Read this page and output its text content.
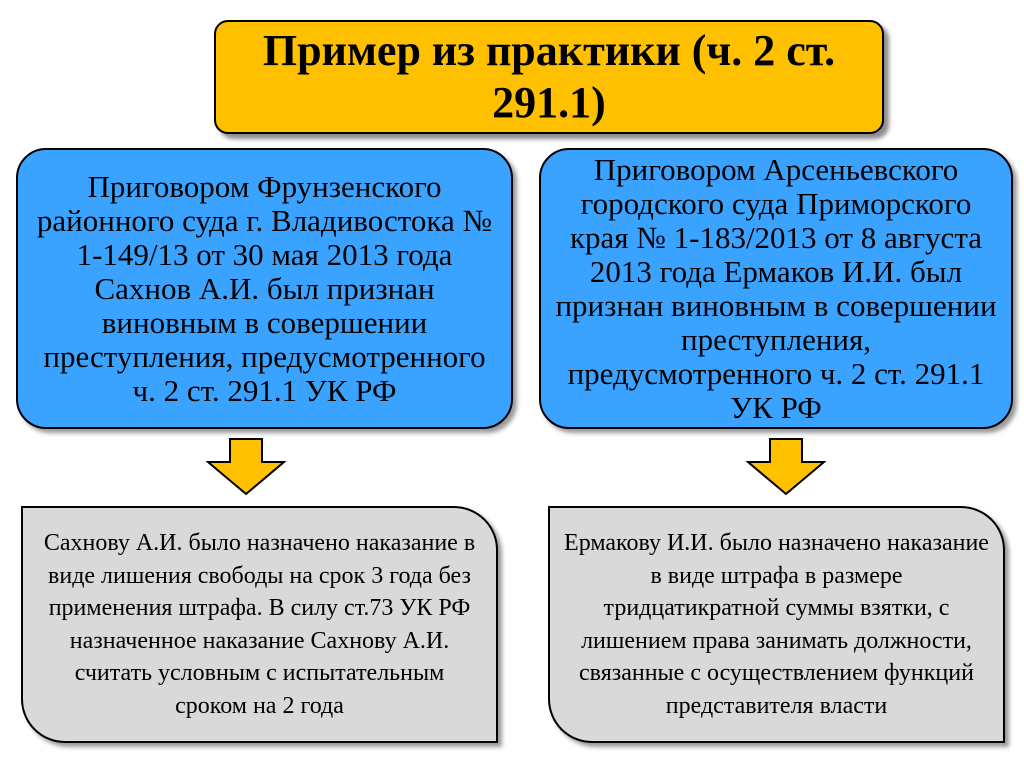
Пример из практики (ч. 2 ст. 291.1)
Приговором Фрунзенского районного суда г. Владивостока № 1-149/13 от 30 мая 2013 года Сахнов А.И. был признан виновным в совершении преступления, предусмотренного ч. 2 ст. 291.1 УК РФ
Приговором Арсеньевского городского суда Приморского края № 1-183/2013 от 8 августа 2013 года Ермаков И.И. был признан виновным в совершении преступления, предусмотренного ч. 2 ст. 291.1 УК РФ
Сахнову А.И. было назначено наказание в виде лишения свободы на срок 3 года без применения штрафа. В силу ст.73 УК РФ назначенное наказание Сахнову А.И. считать условным с испытательным сроком на 2 года
Ермакову И.И. было назначено наказание в виде штрафа в размере тридцатикратной суммы взятки, с лишением права занимать должности, связанные с осуществлением функций представителя власти
